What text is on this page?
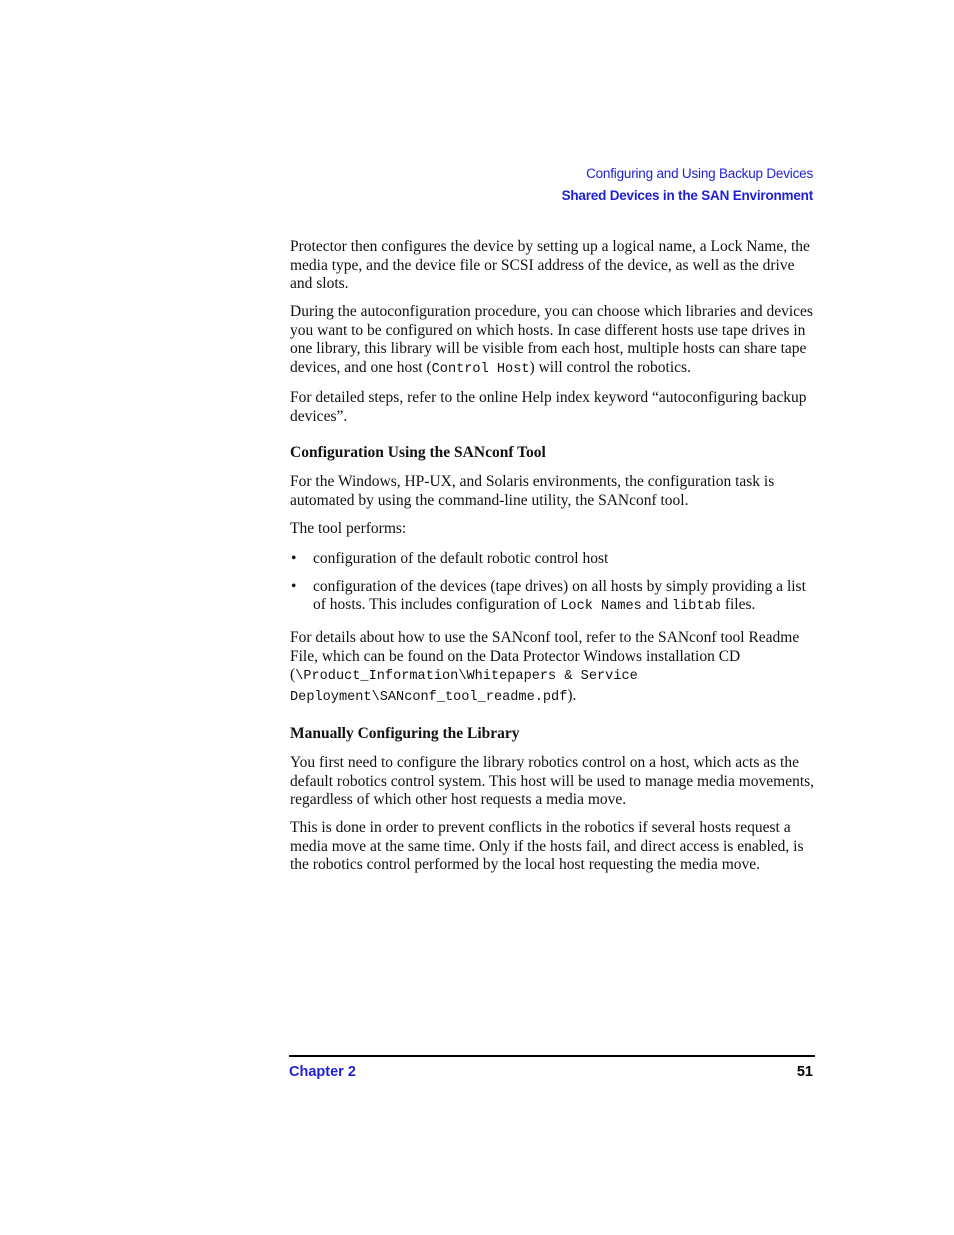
Configuring and Using Backup Devices
Shared Devices in the SAN Environment

Protector then configures the device by setting up a logical name, a Lock Name, the media type, and the device file or SCSI address of the device, as well as the drive and slots.

During the autoconfiguration procedure, you can choose which libraries and devices you want to be configured on which hosts. In case different hosts use tape drives in one library, this library will be visible from each host, multiple hosts can share tape devices, and one host (Control Host) will control the robotics.

For detailed steps, refer to the online Help index keyword “autoconfiguring backup devices”.

Configuration Using the SANconf Tool

For the Windows, HP-UX, and Solaris environments, the configuration task is automated by using the command-line utility, the SANconf tool.

The tool performs:

• configuration of the default robotic control host
• configuration of the devices (tape drives) on all hosts by simply providing a list of hosts. This includes configuration of Lock Names and libtab files.

For details about how to use the SANconf tool, refer to the SANconf tool Readme File, which can be found on the Data Protector Windows installation CD (\Product_Information\Whitepapers & Service Deployment\SANconf_tool_readme.pdf).

Manually Configuring the Library

You first need to configure the library robotics control on a host, which acts as the default robotics control system. This host will be used to manage media movements, regardless of which other host requests a media move.

This is done in order to prevent conflicts in the robotics if several hosts request a media move at the same time. Only if the hosts fail, and direct access is enabled, is the robotics control performed by the local host requesting the media move.

Chapter 2	51
